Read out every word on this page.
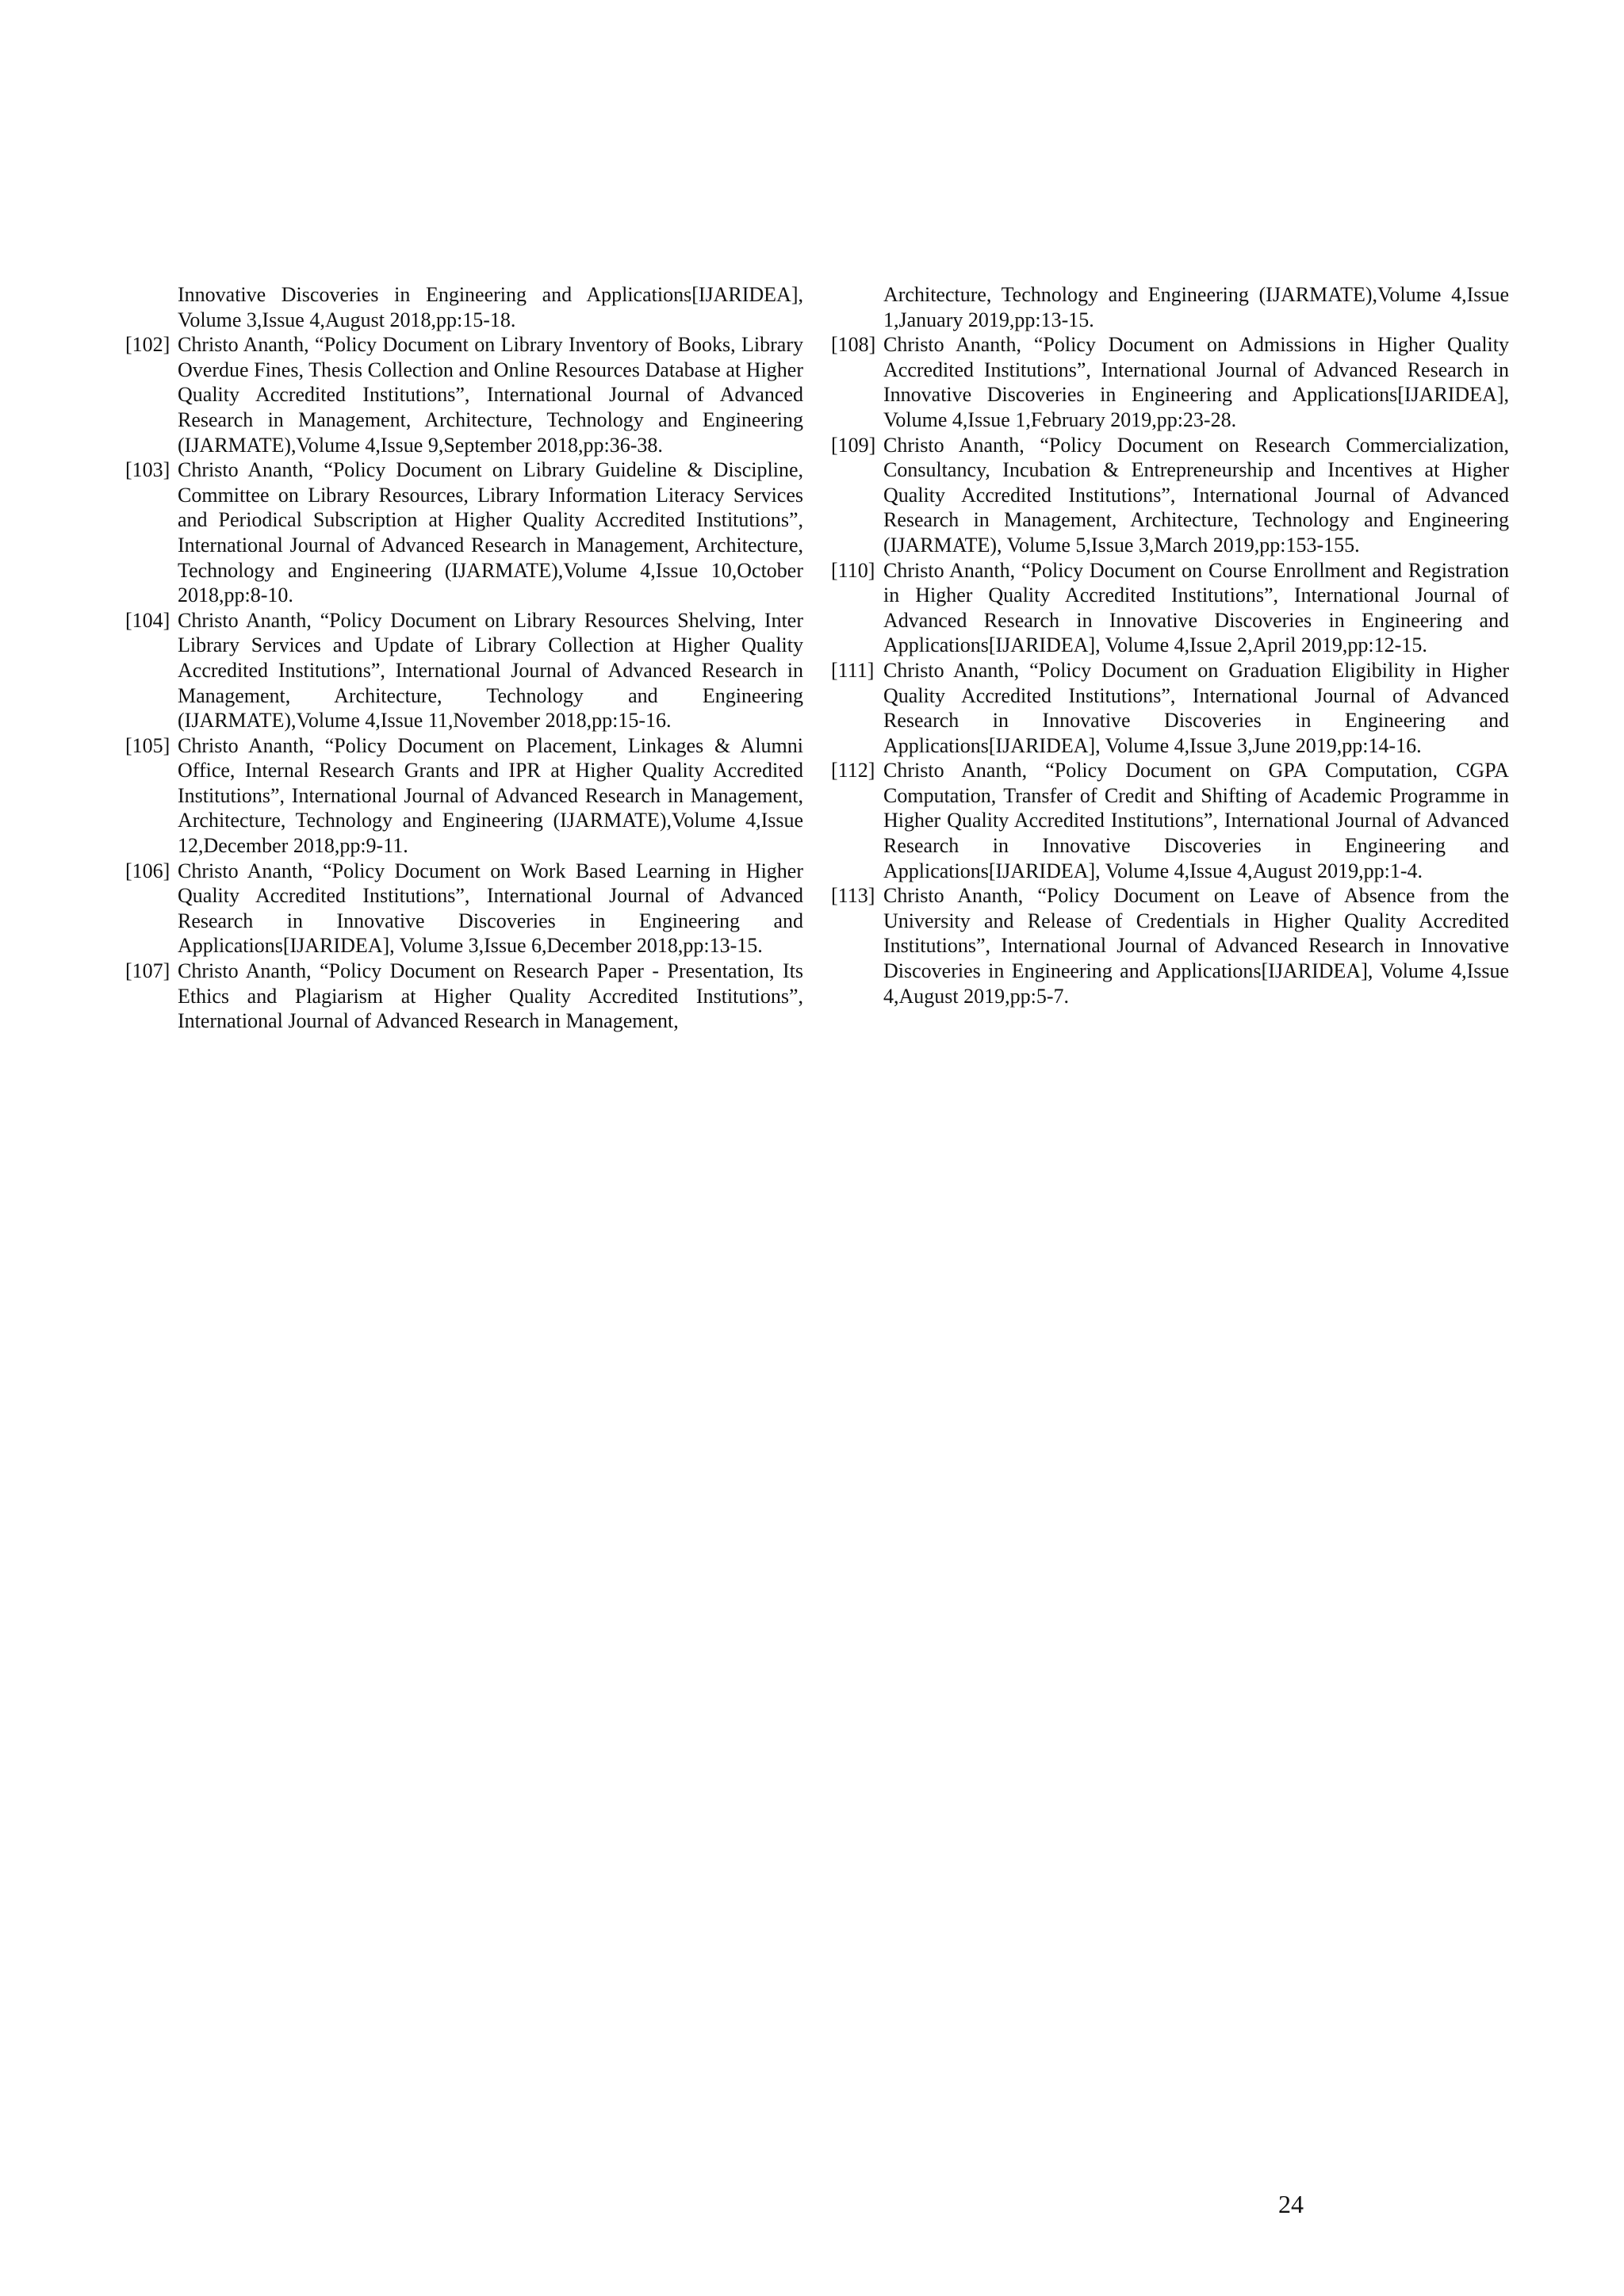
Innovative Discoveries in Engineering and Applications[IJARIDEA], Volume 3,Issue 4,August 2018,pp:15-18.
[102] Christo Ananth, “Policy Document on Library Inventory of Books, Library Overdue Fines, Thesis Collection and Online Resources Database at Higher Quality Accredited Institutions”, International Journal of Advanced Research in Management, Architecture, Technology and Engineering (IJARMATE),Volume 4,Issue 9,September 2018,pp:36-38.
[103] Christo Ananth, “Policy Document on Library Guideline & Discipline, Committee on Library Resources, Library Information Literacy Services and Periodical Subscription at Higher Quality Accredited Institutions”, International Journal of Advanced Research in Management, Architecture, Technology and Engineering (IJARMATE),Volume 4,Issue 10,October 2018,pp:8-10.
[104] Christo Ananth, “Policy Document on Library Resources Shelving, Inter Library Services and Update of Library Collection at Higher Quality Accredited Institutions”, International Journal of Advanced Research in Management, Architecture, Technology and Engineering (IJARMATE),Volume 4,Issue 11,November 2018,pp:15-16.
[105] Christo Ananth, “Policy Document on Placement, Linkages & Alumni Office, Internal Research Grants and IPR at Higher Quality Accredited Institutions”, International Journal of Advanced Research in Management, Architecture, Technology and Engineering (IJARMATE),Volume 4,Issue 12,December 2018,pp:9-11.
[106] Christo Ananth, “Policy Document on Work Based Learning in Higher Quality Accredited Institutions”, International Journal of Advanced Research in Innovative Discoveries in Engineering and Applications[IJARIDEA], Volume 3,Issue 6,December 2018,pp:13-15.
[107] Christo Ananth, “Policy Document on Research Paper - Presentation, Its Ethics and Plagiarism at Higher Quality Accredited Institutions”, International Journal of Advanced Research in Management,
Architecture, Technology and Engineering (IJARMATE),Volume 4,Issue 1,January 2019,pp:13-15.
[108] Christo Ananth, “Policy Document on Admissions in Higher Quality Accredited Institutions”, International Journal of Advanced Research in Innovative Discoveries in Engineering and Applications[IJARIDEA], Volume 4,Issue 1,February 2019,pp:23-28.
[109] Christo Ananth, “Policy Document on Research Commercialization, Consultancy, Incubation & Entrepreneurship and Incentives at Higher Quality Accredited Institutions”, International Journal of Advanced Research in Management, Architecture, Technology and Engineering (IJARMATE), Volume 5,Issue 3,March 2019,pp:153-155.
[110] Christo Ananth, “Policy Document on Course Enrollment and Registration in Higher Quality Accredited Institutions”, International Journal of Advanced Research in Innovative Discoveries in Engineering and Applications[IJARIDEA], Volume 4,Issue 2,April 2019,pp:12-15.
[111] Christo Ananth, “Policy Document on Graduation Eligibility in Higher Quality Accredited Institutions”, International Journal of Advanced Research in Innovative Discoveries in Engineering and Applications[IJARIDEA], Volume 4,Issue 3,June 2019,pp:14-16.
[112] Christo Ananth, “Policy Document on GPA Computation, CGPA Computation, Transfer of Credit and Shifting of Academic Programme in Higher Quality Accredited Institutions”, International Journal of Advanced Research in Innovative Discoveries in Engineering and Applications[IJARIDEA], Volume 4,Issue 4,August 2019,pp:1-4.
[113] Christo Ananth, “Policy Document on Leave of Absence from the University and Release of Credentials in Higher Quality Accredited Institutions”, International Journal of Advanced Research in Innovative Discoveries in Engineering and Applications[IJARIDEA], Volume 4,Issue 4,August 2019,pp:5-7.
24
